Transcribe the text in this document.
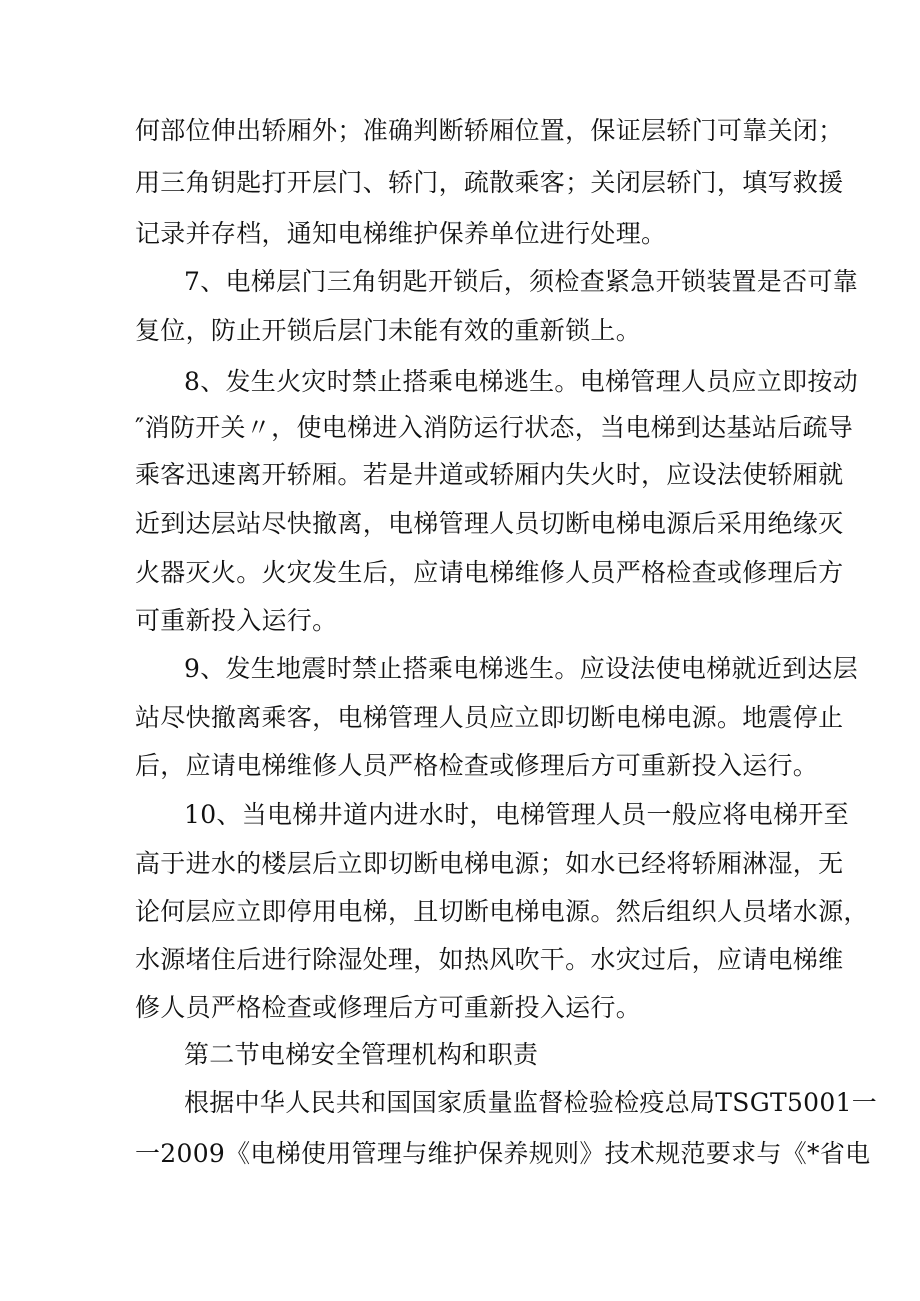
何部位伸出轿厢外；准确判断轿厢位置，保证层轿门可靠关闭；
用三角钥匙打开层门、轿门，疏散乘客；关闭层轿门，填写救援
记录并存档，通知电梯维护保养单位进行处理。
7、电梯层门三角钥匙开锁后，须检查紧急开锁装置是否可靠
复位，防止开锁后层门未能有效的重新锁上。
8、发生火灾时禁止搭乘电梯逃生。电梯管理人员应立即按动
″消防开关〃，使电梯进入消防运行状态，当电梯到达基站后疏导
乘客迅速离开轿厢。若是井道或轿厢内失火时，应设法使轿厢就
近到达层站尽快撤离，电梯管理人员切断电梯电源后采用绝缘灭
火器灭火。火灾发生后，应请电梯维修人员严格检查或修理后方
可重新投入运行。
9、发生地震时禁止搭乘电梯逃生。应设法使电梯就近到达层
站尽快撤离乘客，电梯管理人员应立即切断电梯电源。地震停止
后，应请电梯维修人员严格检查或修理后方可重新投入运行。
10、当电梯井道内进水时，电梯管理人员一般应将电梯开至
高于进水的楼层后立即切断电梯电源；如水已经将轿厢淋湿，无
论何层应立即停用电梯，且切断电梯电源。然后组织人员堵水源，
水源堵住后进行除湿处理，如热风吹干。水灾过后，应请电梯维
修人员严格检查或修理后方可重新投入运行。
第二节电梯安全管理机构和职责
根据中华人民共和国国家质量监督检验检疫总局TSGT5001一
一2009《电梯使用管理与维护保养规则》技术规范要求与《*省电
